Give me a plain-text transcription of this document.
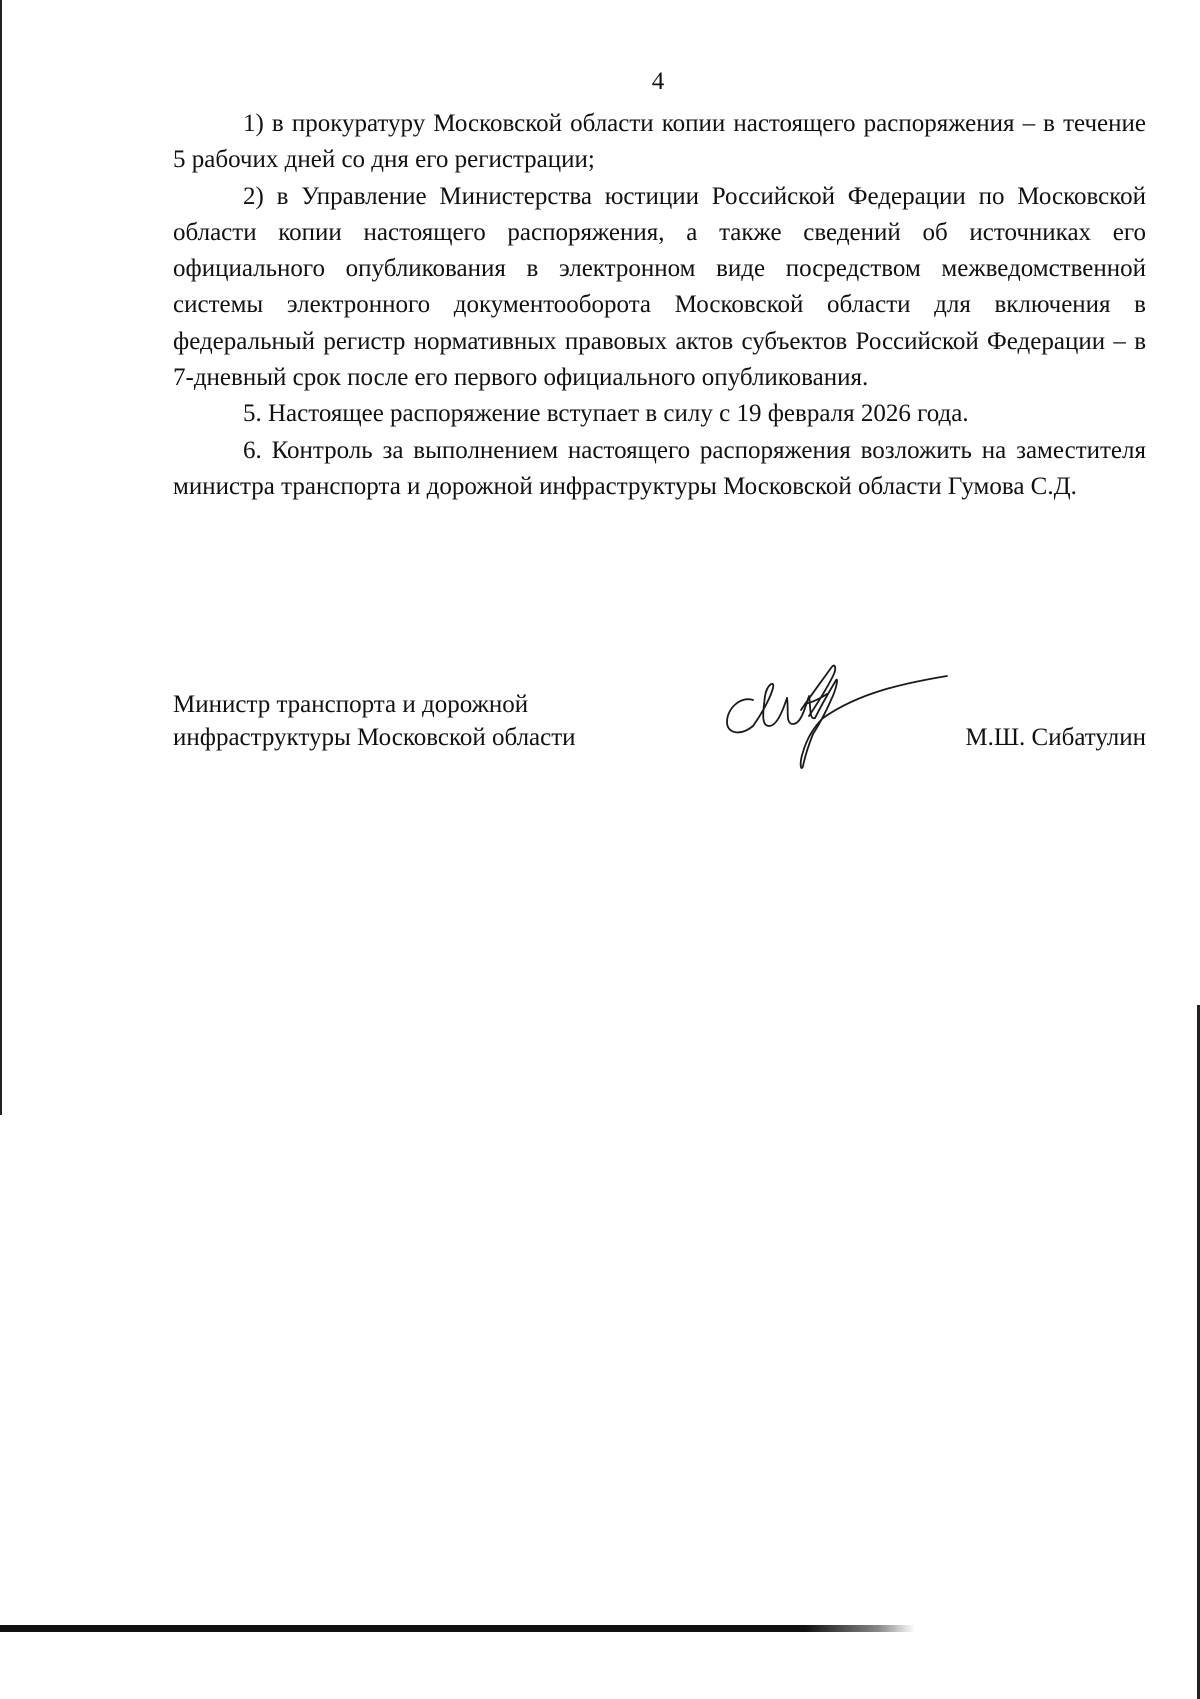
4

1) в прокуратуру Московской области копии настоящего распоряжения – в течение 5 рабочих дней со дня его регистрации;

2) в Управление Министерства юстиции Российской Федерации по Московской области копии настоящего распоряжения, а также сведений об источниках его официального опубликования в электронном виде посредством межведомственной системы электронного документооборота Московской области для включения в федеральный регистр нормативных правовых актов субъектов Российской Федерации – в 7-дневный срок после его первого официального опубликования.

5. Настоящее распоряжение вступает в силу с 19 февраля 2026 года.

6. Контроль за выполнением настоящего распоряжения возложить на заместителя министра транспорта и дорожной инфраструктуры Московской области Гумова С.Д.

Министр транспорта и дорожной
инфраструктуры Московской области	М.Ш. Сибатулин
